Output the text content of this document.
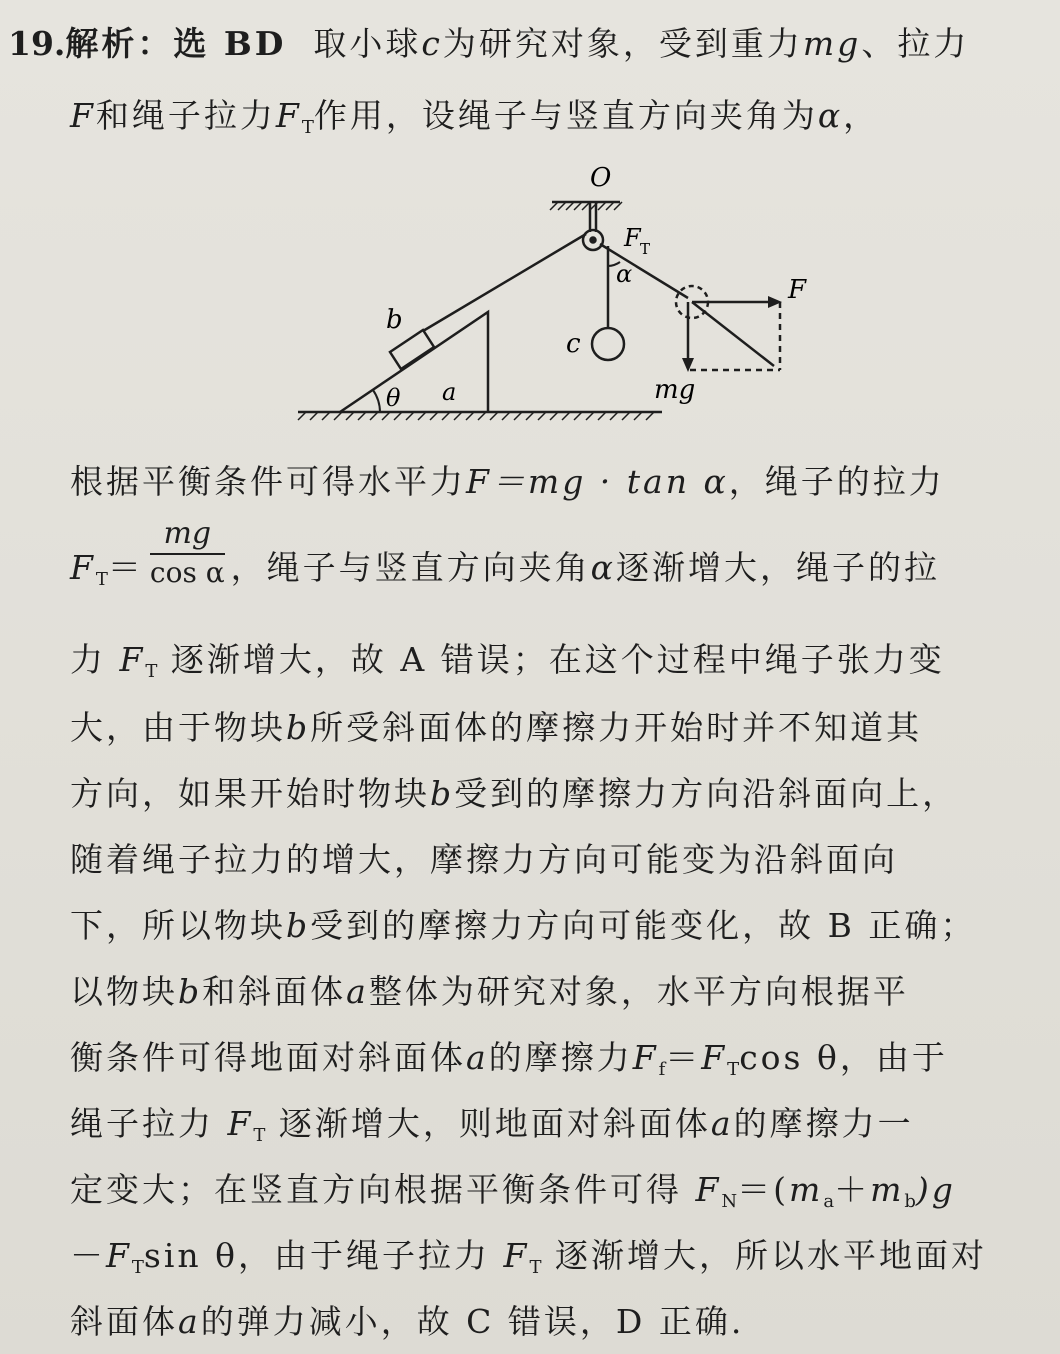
19.解析：选 BD 取小球c为研究对象，受到重力mg、拉力
F和绳子拉力$F_T$作用，设绳子与竖直方向夹角为α，
O
F T
α
F
b
c
θ a	mg
根据平衡条件可得水平力F＝mg · tan α，绳子的拉力
$F_T= \frac{mg}{\text{cos α}}$ ，绳子与竖直方向夹角α逐渐增大，绳子的拉
力 $F_T$ 逐渐增大，故 A 错误；在这个过程中绳子张力变
大，由于物块b所受斜面体的摩擦力开始时并不知道其
方向，如果开始时物块b受到的摩擦力方向沿斜面向上，
随着绳子拉力的增大，摩擦力方向可能变为沿斜面向
下，所以物块b受到的摩擦力方向可能变化，故 B 正确；
以物块b和斜面体a整体为研究对象，水平方向根据平
衡条件可得地面对斜面体a的摩擦力$F_f=F_T\cos$ θ，由于
绳子拉力 $F_T$ 逐渐增大，则地面对斜面体a的摩擦力一
定变大；在竖直方向根据平衡条件可得 $F_N=(m_a+m_b)g$
$-F_T\sin$ θ，由于绳子拉力 $F_T$ 逐渐增大，所以水平地面对
斜面体a的弹力减小，故 C 错误，D 正确.
